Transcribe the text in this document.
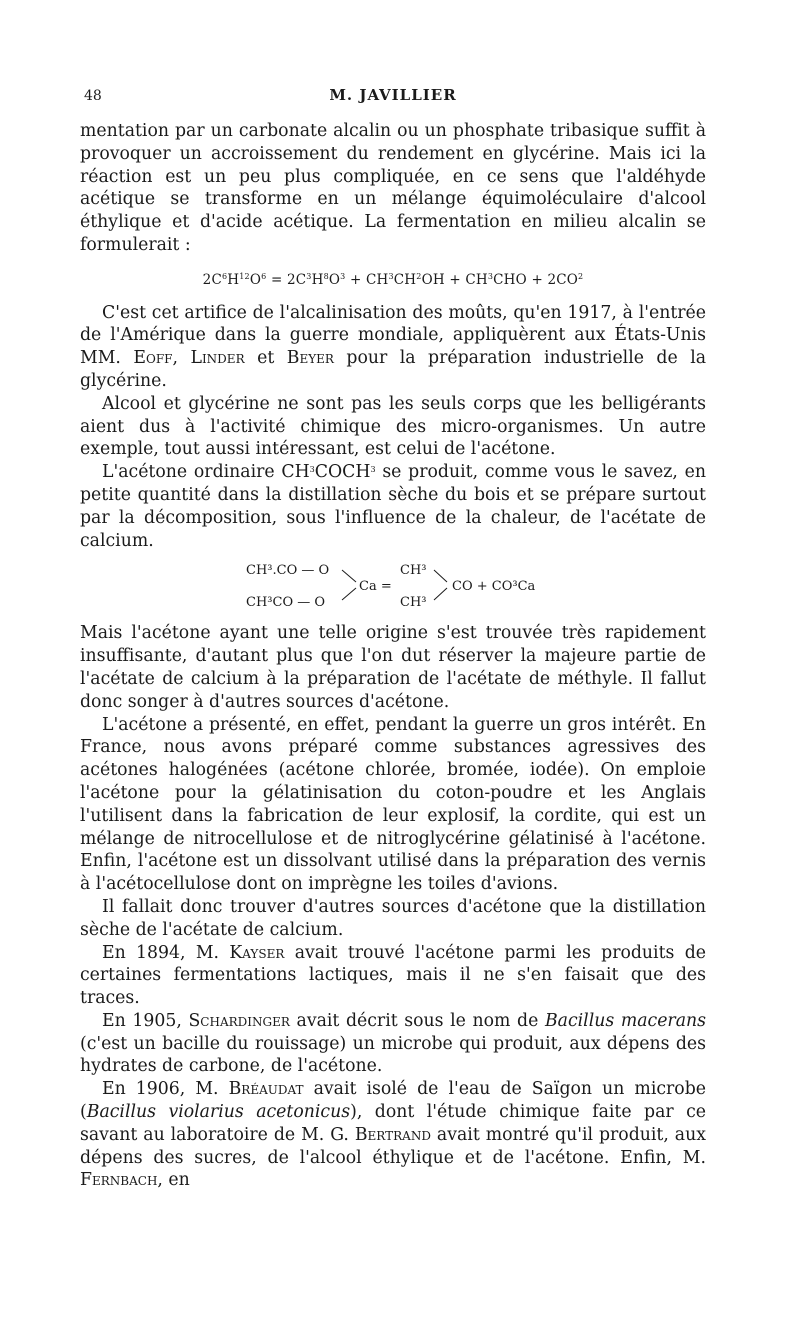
48	M. JAVILLIER

mentation par un carbonate alcalin ou un phosphate tribasique suffit à provoquer un accroissement du rendement en glycérine. Mais ici la réaction est un peu plus compliquée, en ce sens que l'aldéhyde acétique se transforme en un mélange équimoléculaire d'alcool éthylique et d'acide acétique. La fermentation en milieu alcalin se formulerait :

$2C^6H^{12}O^6 = 2C^3H^8O^3 + CH^3CH^2OH + CH^3CHO + 2CO^2$

C'est cet artifice de l'alcalinisation des moûts, qu'en 1917, à l'entrée de l'Amérique dans la guerre mondiale, appliquèrent aux États-Unis MM. Eoff, Linder et Beyer pour la préparation industrielle de la glycérine.

Alcool et glycérine ne sont pas les seuls corps que les belligérants aient dus à l'activité chimique des micro-organismes. Un autre exemple, tout aussi intéressant, est celui de l'acétone.

L'acétone ordinaire $CH^3COCH^3$ se produit, comme vous le savez, en petite quantité dans la distillation sèche du bois et se prépare surtout par la décomposition, sous l'influence de la chaleur, de l'acétate de calcium.

CH³.CO — O
CH³CO — O
Ca =
CH³
CH³
CO + CO³Ca

Mais l'acétone ayant une telle origine s'est trouvée très rapidement insuffisante, d'autant plus que l'on dut réserver la majeure partie de l'acétate de calcium à la préparation de l'acétate de méthyle. Il fallut donc songer à d'autres sources d'acétone.

L'acétone a présenté, en effet, pendant la guerre un gros intérêt. En France, nous avons préparé comme substances agressives des acétones halogénées (acétone chlorée, bromée, iodée). On emploie l'acétone pour la gélatinisation du coton-poudre et les Anglais l'utilisent dans la fabrication de leur explosif, la cordite, qui est un mélange de nitrocellulose et de nitroglycérine gélatinisé à l'acétone. Enfin, l'acétone est un dissolvant utilisé dans la préparation des vernis à l'acétocellulose dont on imprègne les toiles d'avions.

Il fallait donc trouver d'autres sources d'acétone que la distillation sèche de l'acétate de calcium.

En 1894, M. Kayser avait trouvé l'acétone parmi les produits de certaines fermentations lactiques, mais il ne s'en faisait que des traces.

En 1905, Schardinger avait décrit sous le nom de Bacillus macerans (c'est un bacille du rouissage) un microbe qui produit, aux dépens des hydrates de carbone, de l'acétone.

En 1906, M. Bréaudat avait isolé de l'eau de Saïgon un microbe (Bacillus violarius acetonicus), dont l'étude chimique faite par ce savant au laboratoire de M. G. Bertrand avait montré qu'il produit, aux dépens des sucres, de l'alcool éthylique et de l'acétone. Enfin, M. Fernbach, en
